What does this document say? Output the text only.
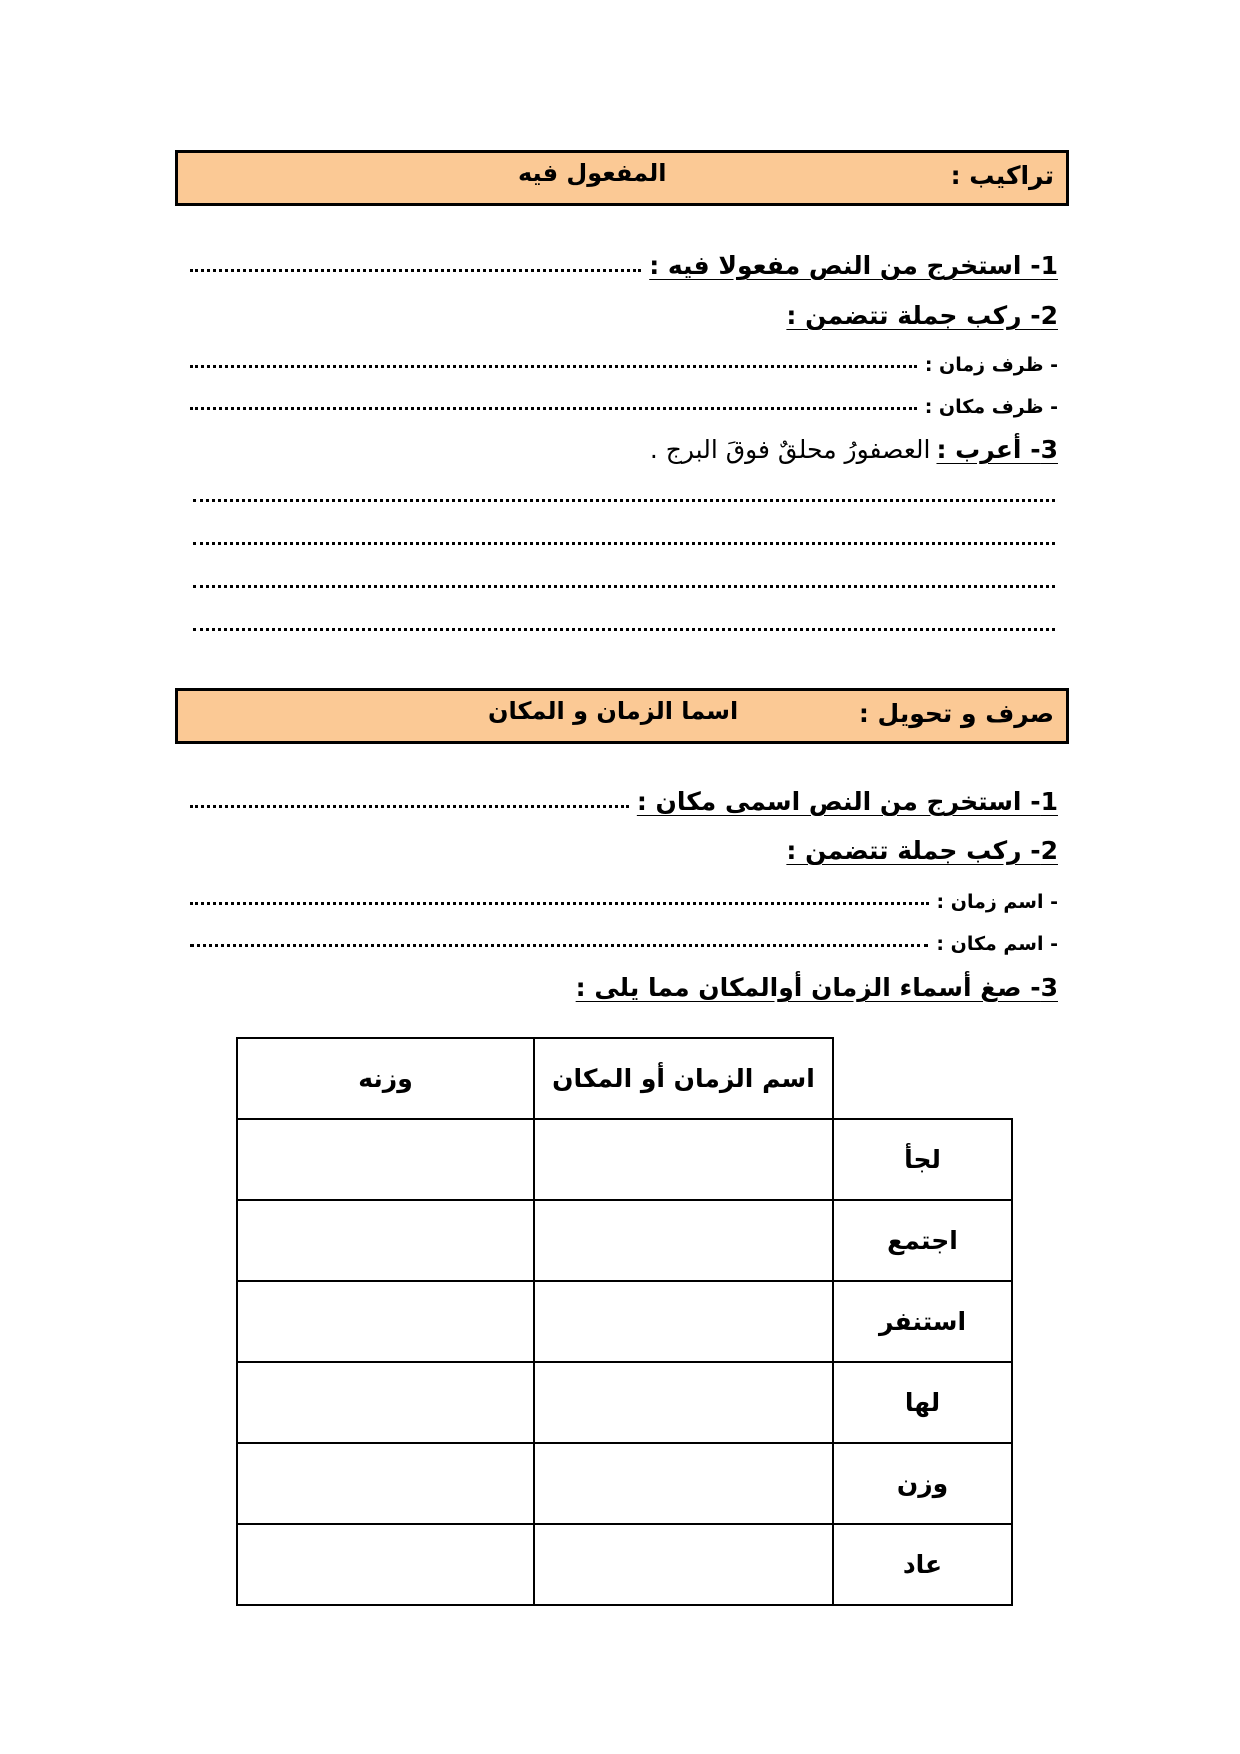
تراكيب :
المفعول فيه
1- استخرج من النص مفعولا فيه :
2- ركب جملة تتضمن :
- ظرف زمان :
- ظرف مكان :
3- أعرب :
العصفورُ محلقٌ فوقَ البرجِ .
صرف و تحويل :
اسما الزمان و المكان
1- استخرج من النص اسمى مكان :
2- ركب جملة تتضمن :
- اسم زمان :
- اسم مكان :
3- صغ أسماء الزمان أوالمكان مما يلى :
وزنه	اسم الزمان أو المكان	
		لجأ
		اجتمع
		استنفر
		لها
		وزن
		عاد
